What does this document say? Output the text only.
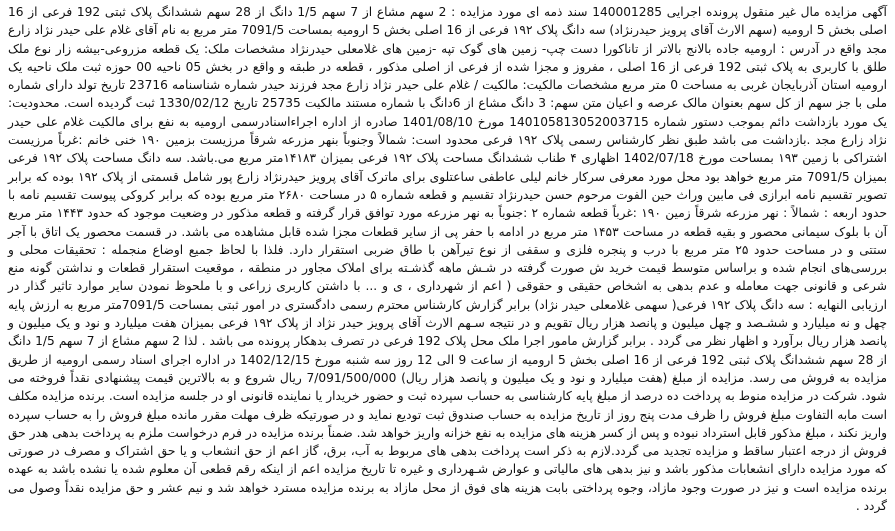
آگهی مزایده مال غیر منقول پرونده اجرایی 140001285 سند ذمه ای مورد مزایده : 2 سهم مشاع از 7 سهم 1/5 دانگ از 28 سهم ششدانگ پلاک ثبتی 192 فرعی از 16 اصلی بخش 5 ارومیه (سهم الارث آقای پرویز حیدرنژاد) سه دانگ پلاک ۱۹۲ فرعی از 16 اصلی بخش 5 ارومیه بمساحت 7091/5 متر مربع به نام آقای غلام علی حیدر نژاد زارع مجد واقع در آدرس : ارومیه جاده بالانج بالاتر از تاناکورا دست چپ- زمین های گوک تپه -زمین های غلامعلی حیدرنژاد مشخصات ملک: یک قطعه مزروعی-بیشه زار نوع ملک طلق با کاربری به پلاک ثبتی 192 فرعی از 16 اصلی ، مفروز و مجزا شده از فرعی از اصلی مذکور ، قطعه در طبقه و واقع در بخش 05 ناحیه 00 حوزه ثبت ملک ناحیه یک ارومیه استان آذربایجان غربی به مساحت 0 متر مربع مشخصات مالکیت: مالکیت / غلام علی حیدر نژاد زارع مجد فرزند حیدر شماره شناسنامه 23716 تاریخ تولد دارای شماره ملی با جز سهم از کل سهم بعنوان مالک عرصه و اعیان متن سهم: 3 دانگ مشاع از 6دانگ با شماره مستند مالکیت 25735 تاریخ 1330/02/12 ثبت گردیده است. محدودیت: یک مورد بازداشت دائم بموجب دستور شماره 140105813052003715 مورخ 1401/08/10 صادره از اداره اجراءاسنادرسمی ارومیه به نفع برای مالکیت غلام علی حیدر نژاد زارع مجد .بازداشت می باشد طبق نظر کارشناس رسمی پلاک ۱۹۲ فرعی محدود است: شمالاً وجنوباً بنهر مزرعه شرقاً مرزیست بزمین ۱۹۰ خنی خانم :غرباً مرزیست اشتراکی با زمین ۱۹۳ بمساحت مورخ 1402/07/18 اظهاری ۴ طناب ششدانگ مساحت پلاک ۱۹۲ فرعی بمیزان ۱۴۱۸۳متر مربع می.باشد. سه دانگ مساحت پلاک ۱۹۲ فرعی بمیزان 7091/5 متر مربع خواهد بود محل مورد معرفی سرکار خانم لیلی عاطفی ساعتلوی برای ماترک آقای پرویز حیدرنژاد زارع پور شامل قسمتی از پلاک ۱۹۲ بوده که برابر تصویر تقسیم نامه ابرازی فی مابین وراث حین الفوت مرحوم حسن حیدرنژاد تقسیم و قطعه شماره ۵ در مساحت ۲۶۸۰ متر مربع بوده که برابر کروکی پیوست تقسیم نامه با حدود اربعه : شمالاً : نهر مزرعه شرقاً زمین ۱۹۰ :غرباً قطعه شماره ۲ :جنوباً به نهر مزرعه مورد توافق قرار گرفته و قطعه مذکور در وضعیت موجود که حدود ۱۴۴۳ متر مربع آن با بلوک سیمانی محصور و بقیه قطعه در مساحت ۱۴۵۳ متر مربع در ادامه با حفر پی از سایر قطعات مجزا شده قابل مشاهده می باشد. در قسمت محصور یک اتاق با آجر ستتی و در مساحت حدود ۲۵ متر مربع با درب و پنجره فلزی و سقفی از نوع تیرآهن با طاق ضربی استقرار دارد. فلذا با لحاظ جمیع اوضاع منجمله : تحقیقات محلی و بررسی‌های انجام شده و براساس متوسط قیمت خرید ش صورت گرفته در شـش ماهه گذشـته برای املاک مجاور در منطقه ، موقعیت استقرار قطعات و نداشتن گونه منع شرعی و قانونی جهت معامله و عدم بدهی به اشخاص حقیقی و حقوقی ( اعم از شهرداری ، ی و ... با داشتن کاربری زراعی و با ملحوظ نمودن سایر موارد تاثیر گذار در ارزیابی النهایه : سه دانگ پلاک ۱۹۲ فرعی( سهمی غلامعلی حیدر نژاد) برابر گزارش کارشناس محترم رسمی دادگستری در امور ثبتی بمساحت 7091/5متر مربع به ارزش پایه چهل و نه میلیارد و ششـصد و چهل میلیون و پانصد هزار ریال تقویم و در نتیجه سـهم الارث آقای پرویز حیدر نژاد از پلاک ۱۹۲ فرعی بمیزان هفت میلیارد و نود و یک میلیون و پانصد هزار ریال برآورد و اظهار نظر می گردد . برابر گزارش مامور اجرا ملک محل پلاک 192 فرعی در تصرف بدهکار پرونده می باشد . لذا 2 سهم مشاع از 7 سهم 1/5 دانگ از 28 سهم ششدانگ پلاک ثبتی 192 فرعی از 16 اصلی بخش 5 ارومیه از ساعت 9 الی 12 روز سه شنبه مورخ 1402/12/15 در اداره اجرای اسناد رسمی ارومیه از طریق مزایده به فروش می رسد. مزایده از مبلغ (هفت میلیارد و نود و یک میلیون و پانصد هزار ریال) 7/091/500/000 ریال شروع و به بالاترین قیمت پیشنهادی نقداً فروخته می شود. شرکت در مزایده منوط به پرداخت ده درصد از مبلغ پایه کارشناسی به حساب سپرده ثبت و حضور خریدار یا نماینده قانونی او در جلسه مزایده است. برنده مزایده مکلف است مابه التفاوت مبلغ فروش را ظرف مدت پنج روز از تاریخ مزایده به حساب صندوق ثبت تودیع نماید و در صورتیکه ظرف مهلت مقرر مانده مبلغ فروش را به حساب سپرده واریز نکند ، مبلغ مذکور قابل استرداد نبوده و پس از کسر هزینه های مزایده به نفع خزانه واریز خواهد شد. ضمناً برنده مزایده در فرم درخواست ملزم به پرداخت بدهی هدر حق فروش از درجه اعتبار ساقط و مزایده تجدید می گردد.لازم به ذکر است پرداخت بدهی های مربوط به آب، برق، گاز اعم از حق انشعاب و یا حق اشتراک و مصرف در صورتی که مورد مزایده دارای انشعابات مذکور باشد و نیز بدهی های مالیاتی و عوارض شـهرداری و غیره تا تاریخ مزایده اعم از اینکه رقم قطعی آن معلوم شده یا نشده باشد به عهده برنده مزایده است و نیز در صورت وجود مازاد، وجوه پرداختی بابت هزینه های فوق از محل مازاد به برنده مزایده مسترد خواهد شد و نیم عشر و حق مزایده نقداً وصول می گردد .
